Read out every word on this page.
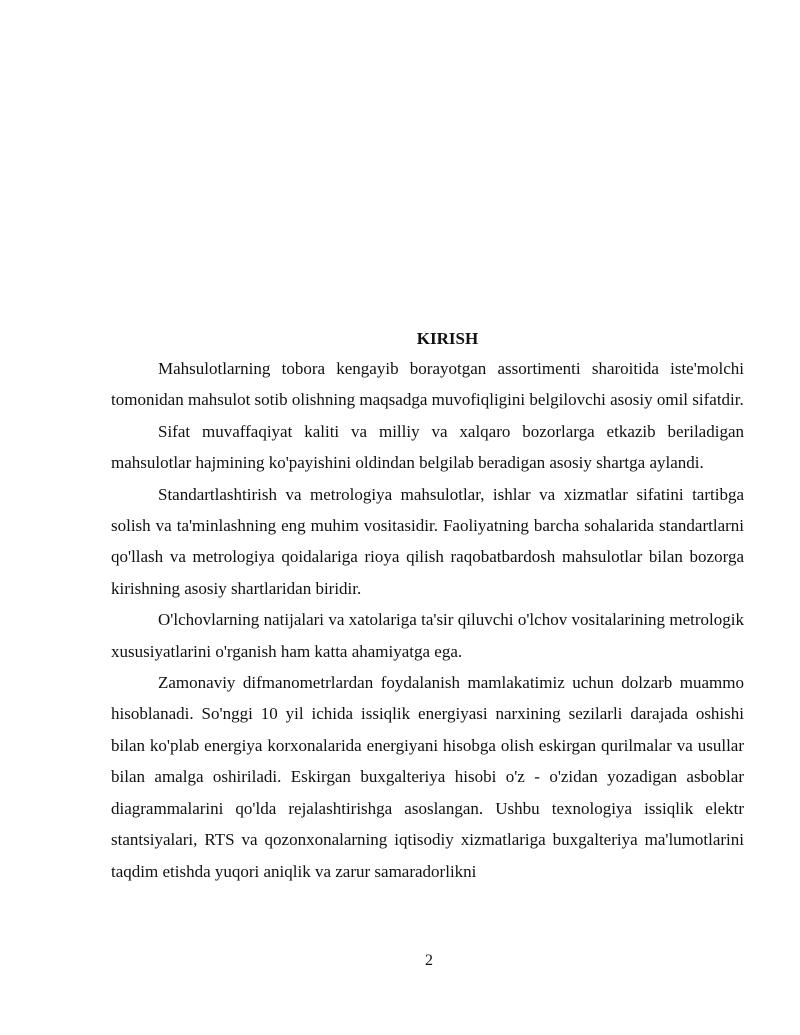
KIRISH

Mahsulotlarning tobora kengayib borayotgan assortimenti sharoitida iste'molchi tomonidan mahsulot sotib olishning maqsadga muvofiqligini belgilovchi asosiy omil sifatdir.

Sifat muvaffaqiyat kaliti va milliy va xalqaro bozorlarga etkazib beriladigan mahsulotlar hajmining ko'payishini oldindan belgilab beradigan asosiy shartga aylandi.

Standartlashtirish va metrologiya mahsulotlar, ishlar va xizmatlar sifatini tartibga solish va ta'minlashning eng muhim vositasidir. Faoliyatning barcha sohalarida standartlarni qo'llash va metrologiya qoidalariga rioya qilish raqobatbardosh mahsulotlar bilan bozorga kirishning asosiy shartlaridan biridir.

O'lchovlarning natijalari va xatolariga ta'sir qiluvchi o'lchov vositalarining metrologik xususiyatlarini o'rganish ham katta ahamiyatga ega.

Zamonaviy difmanometrlardan foydalanish mamlakatimiz uchun dolzarb muammo hisoblanadi. So'nggi 10 yil ichida issiqlik energiyasi narxining sezilarli darajada oshishi bilan ko'plab energiya korxonalarida energiyani hisobga olish eskirgan qurilmalar va usullar bilan amalga oshiriladi. Eskirgan buxgalteriya hisobi o'z - o'zidan yozadigan asboblar diagrammalarini qo'lda rejalashtirishga asoslangan. Ushbu texnologiya issiqlik elektr stantsiyalari, RTS va qozonxonalarning iqtisodiy xizmatlariga buxgalteriya ma'lumotlarini taqdim etishda yuqori aniqlik va zarur samaradorlikni

2
